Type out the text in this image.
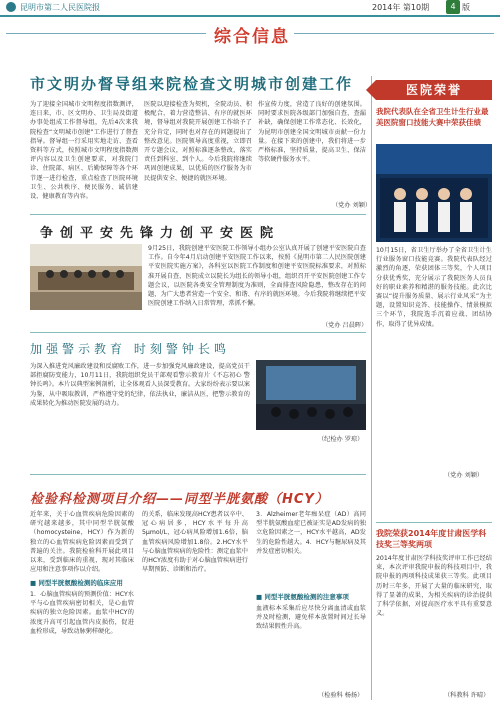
昆明市第二人民医院报	2014年 第10期	4 版
综合信息
市文明办督导组来院检查文明城市创建工作
为了迎接全国城市文明程度指数测评，连日来，市、区文明办、卫生局及街道办事处组成工作督导组，先后4次来我院检查“文明城市创建”工作进行了督查指导。督导组一行采用实地走访、查看资料等方式，按照城市文明程度指数测评内容以及卫生创建要求，对我院门诊、住院部、病区、后勤保障等各个环节逐一进行检查，重点检查了医院环境卫生、公共秩序、便民服务、诚信建设、健康教育等内容。
医院以迎接检查为契机，全院动员、积极配合，着力营造整洁、有序的就医环境，督导组对我院开展创建工作给予了充分肯定，同时也对存在的问题提出了整改意见。医院领导高度重视，立即召开专题会议，对照标准逐条整改，落实责任到科室、到个人。今后我院将继续巩固创建成果，以优质的医疗服务为市民提供安全、便捷的就医环境。
作宣传力度，营造了良好的创建氛围。同时要求医院各级部门加强自查，查漏补缺，确保创建工作常态化、长效化，为昆明市创建全国文明城市贡献一份力量。在接下来的创建中，我们将进一步严格标准，坚持质量，提高卫生、保洁等软硬件服务水平。
（党办 刘颖）
争创平安先锋力创平安医院
9月25日，我院创建平安医院工作领导小组办公室认真开展了创建平安医院自查工作。自今年4月启动创建平安医院工作以来，按照《昆明市第二人民医院创建平安医院实施方案》，各科室以医院工作制度和创建平安医院标准要求，对照标准开展自查，医院成立以院长为组长的领导小组，组织召开平安医院创建工作专题会议，以医院各类安全管理制度为准则，全面排查风险隐患，整改存在的问题，为广大患者营造一个安全、和谐、有序的就医环境。今后我院将继续把平安医院创建工作纳入日常管理，常抓不懈。
（党办 吕晨晖）
加强警示教育 时刻警钟长鸣
为深入推进党风廉政建设和反腐败工作，进一步加强党风廉政建设，提高党员干部拒腐防变能力，10月11日，我院组织党员干部观看警示教育片《不忘初心 警钟长鸣》。本片以典型案例剖析，让全体观看人员深受教育。大家纷纷表示要以案为鉴，从中吸取教训，严格遵守党的纪律，依法执业，廉洁从医，把警示教育的成果转化为推动医院发展的动力。
（纪检办 罗琼）
检验科检测项目介绍——同型半胱氨酸（HCY）
近年来，关于心血管疾病危险因素的研究越来越多，其中同型半胱氨酸（homocysteine，HCY）作为新的独立的心血管疾病危险因素而受到了普遍的关注。我院检验科开展此项目以来，受到临床的重视，现对其临床应用和注意事项作以介绍。
■ 同型半胱氨酸检测的临床应用
1．心脑血管疾病的预测价值：HCY水平与心血管疾病密切相关，是心血管疾病的独立危险因素。血浆中HCY的浓度升高可引起血管内皮损伤，促进血栓形成，导致动脉粥样硬化。
的关系，临床发现高HCY患者以卒中、冠心病居多，HCY水平每升高5μmol/L，冠心病风险增加1.6倍，脑血管疾病风险增加1.8倍。2.HCY水平与心脑血管疾病的危险性：测定血浆中的HCY浓度有助于对心脑血管疾病进行早期预防、诊断和治疗。
3．Alzheimer老年痴呆症（AD）高同型半胱氨酸血症已被证实是AD发病的独立危险因素之一，HCY水平越高，AD发生的危险性越大。4．HCY与糖尿病及其并发症密切相关。
■ 同型半胱氨酸检测的注意事项
血液标本采集后应尽快分离血清或血浆并及时检测，避免样本放置时间过长导致结果假性升高。
（检验科 杨扬）
医院荣誉
我院代表队在全省卫生计生行业最美医院窗口技能大赛中荣获佳绩
10月15日，省卫生厅举办了全省卫生计生行业服务窗口技能竞赛。我院代表队经过激烈的角逐，荣获团体三等奖，个人项目分获优秀奖，充分展示了我院医务人员良好的职业素养和精湛的服务技能。此次比赛以“提升服务质量、展示行业风采”为主题，设置知识竞答、技能操作、情景模拟三个环节，我院选手沉着应战、团结协作，取得了优异成绩。
（党办 刘颖）
我院荣获2014年度甘肃医学科技奖三等奖两项
2014年度甘肃医学科技奖评审工作已经结束，本次评审我院申报的科技项目中，我院申报的两项科技成果获三等奖。此项目历时三年多，开展了大量的临床研究，取得了显著的成果，为相关疾病的诊治提供了科学依据，对提高医疗水平具有重要意义。
（科教科 许晴）
